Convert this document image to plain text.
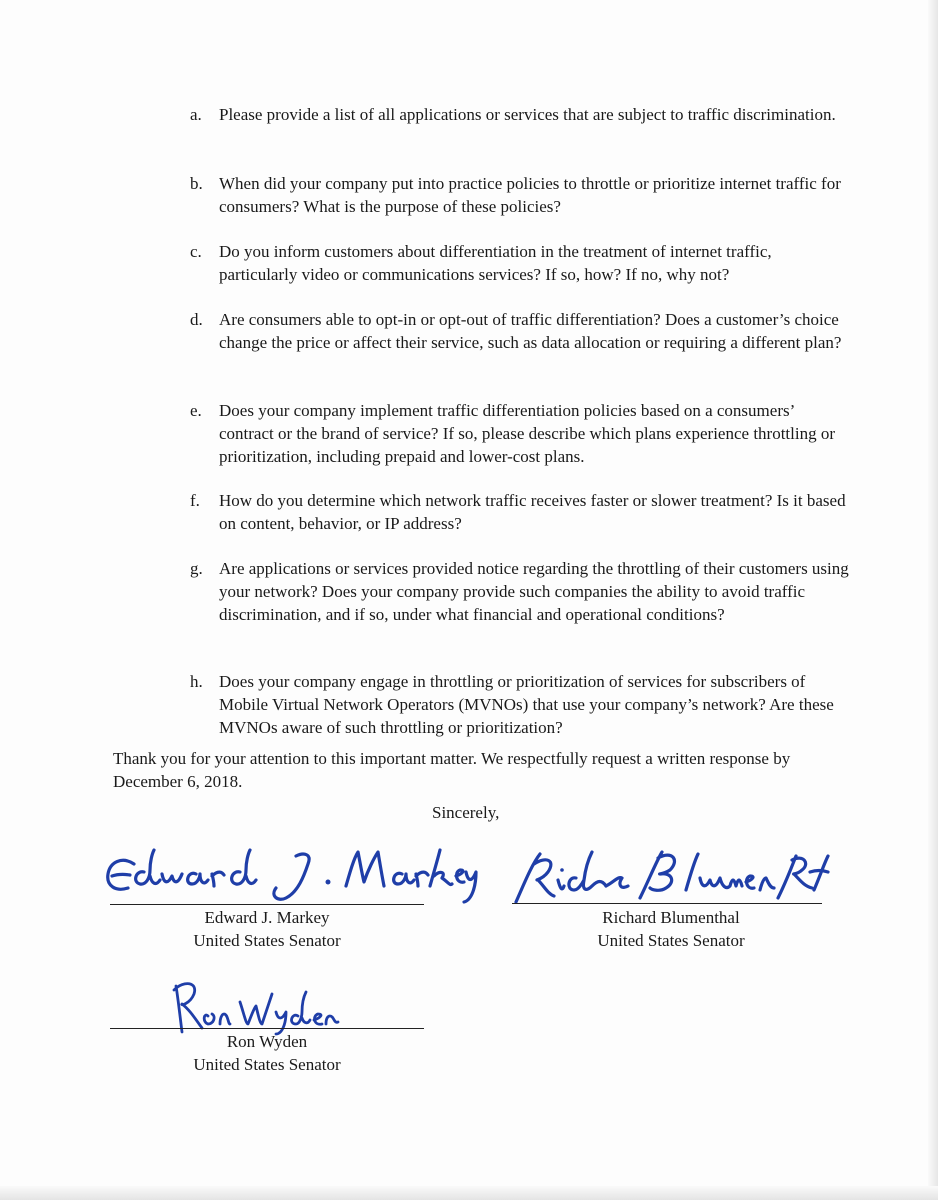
a. Please provide a list of all applications or services that are subject to traffic discrimination.
b. When did your company put into practice policies to throttle or prioritize internet traffic for consumers? What is the purpose of these policies?
c. Do you inform customers about differentiation in the treatment of internet traffic, particularly video or communications services? If so, how? If no, why not?
d. Are consumers able to opt-in or opt-out of traffic differentiation? Does a customer’s choice change the price or affect their service, such as data allocation or requiring a different plan?
e. Does your company implement traffic differentiation policies based on a consumers’ contract or the brand of service? If so, please describe which plans experience throttling or prioritization, including prepaid and lower-cost plans.
f. How do you determine which network traffic receives faster or slower treatment? Is it based on content, behavior, or IP address?
g. Are applications or services provided notice regarding the throttling of their customers using your network? Does your company provide such companies the ability to avoid traffic discrimination, and if so, under what financial and operational conditions?
h. Does your company engage in throttling or prioritization of services for subscribers of Mobile Virtual Network Operators (MVNOs) that use your company’s network? Are these MVNOs aware of such throttling or prioritization?
Thank you for your attention to this important matter. We respectfully request a written response by December 6, 2018.
Sincerely,
Edward J. Markey
United States Senator
Richard Blumenthal
United States Senator
Ron Wyden
United States Senator
